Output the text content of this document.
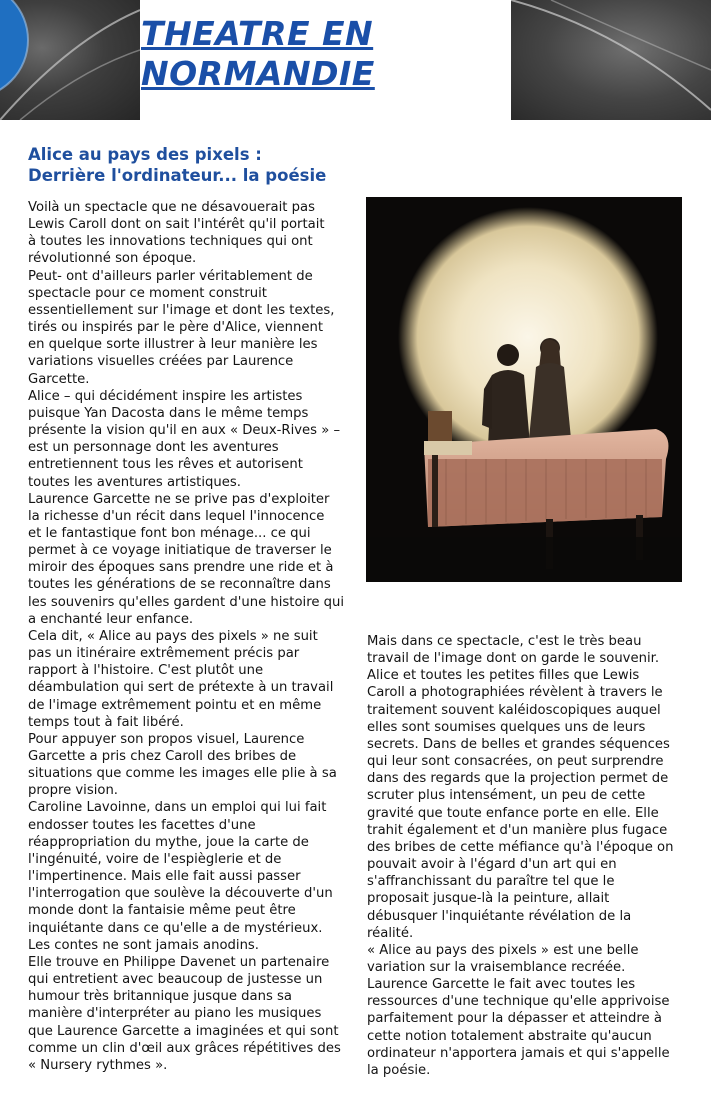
THEATRE EN
NORMANDIE
Alice au pays des pixels :
Derrière l'ordinateur... la poésie
Voilà un spectacle que ne désavouerait pas
Lewis Caroll dont on sait l'intérêt qu'il portait
à toutes les innovations techniques qui ont
révolutionné son époque.
Peut- ont d'ailleurs parler véritablement de
spectacle pour ce moment construit
essentiellement sur l'image et dont les textes,
tirés ou inspirés par le père d'Alice, viennent
en quelque sorte illustrer à leur manière les
variations visuelles créées par Laurence
Garcette.
Alice – qui décidément inspire les artistes
puisque Yan Dacosta dans le même temps
présente la vision qu'il en aux « Deux-Rives » –
est un personnage dont les aventures
entretiennent tous les rêves et autorisent
toutes les aventures artistiques.
Laurence Garcette ne se prive pas d'exploiter
la richesse d'un récit dans lequel l'innocence
et le fantastique font bon ménage... ce qui
permet à ce voyage initiatique de traverser le
miroir des époques sans prendre une ride et à
toutes les générations de se reconnaître dans
les souvenirs qu'elles gardent d'une histoire qui
a enchanté leur enfance.
Cela dit, « Alice au pays des pixels » ne suit
pas un itinéraire extrêmement précis par
rapport à l'histoire. C'est plutôt une
déambulation qui sert de prétexte à un travail
de l'image extrêmement pointu et en même
temps tout à fait libéré.
Pour appuyer son propos visuel, Laurence
Garcette a pris chez Caroll des bribes de
situations que comme les images elle plie à sa
propre vision.
Caroline Lavoinne, dans un emploi qui lui fait
endosser toutes les facettes d'une
réappropriation du mythe, joue la carte de
l'ingénuité, voire de l'espièglerie et de
l'impertinence. Mais elle fait aussi passer
l'interrogation que soulève la découverte d'un
monde dont la fantaisie même peut être
inquiétante dans ce qu'elle a de mystérieux.
Les contes ne sont jamais anodins.
Elle trouve en Philippe Davenet un partenaire
qui entretient avec beaucoup de justesse un
humour très britannique jusque dans sa
manière d'interpréter au piano les musiques
que Laurence Garcette a imaginées et qui sont
comme un clin d'œil aux grâces répétitives des
« Nursery rythmes ».
Mais dans ce spectacle, c'est le très beau
travail de l'image dont on garde le souvenir.
Alice et toutes les petites filles que Lewis
Caroll a photographiées révèlent à travers le
traitement souvent kaléidoscopiques auquel
elles sont soumises quelques uns de leurs
secrets. Dans de belles et grandes séquences
qui leur sont consacrées, on peut surprendre
dans des regards que la projection permet de
scruter plus intensément, un peu de cette
gravité que toute enfance porte en elle. Elle
trahit également et d'un manière plus fugace
des bribes de cette méfiance qu'à l'époque on
pouvait avoir à l'égard d'un art qui en
s'affranchissant du paraître tel que le
proposait jusque-là la peinture, allait
débusquer l'inquiétante révélation de la
réalité.
« Alice au pays des pixels » est une belle
variation sur la vraisemblance recréée.
Laurence Garcette le fait avec toutes les
ressources d'une technique qu'elle apprivoise
parfaitement pour la dépasser et atteindre à
cette notion totalement abstraite qu'aucun
ordinateur n'apportera jamais et qui s'appelle
la poésie.
